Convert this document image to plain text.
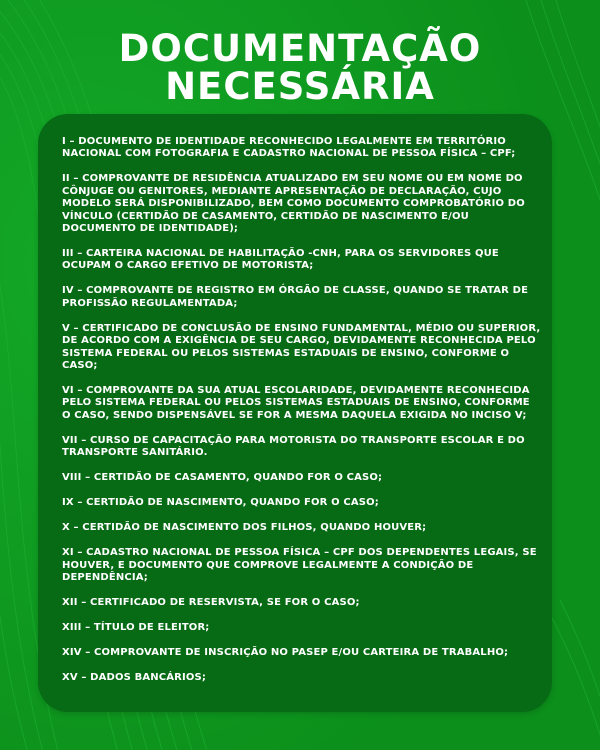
DOCUMENTAÇÃO
NECESSÁRIA
I – DOCUMENTO DE IDENTIDADE RECONHECIDO LEGALMENTE EM TERRITÓRIO NACIONAL COM FOTOGRAFIA E CADASTRO NACIONAL DE PESSOA FÍSICA – CPF;
II – COMPROVANTE DE RESIDÊNCIA ATUALIZADO EM SEU NOME OU EM NOME DO CÔNJUGE OU GENITORES, MEDIANTE APRESENTAÇÃO DE DECLARAÇÃO, CUJO MODELO SERÁ DISPONIBILIZADO, BEM COMO DOCUMENTO COMPROBATÓRIO DO VÍNCULO (CERTIDÃO DE CASAMENTO, CERTIDÃO DE NASCIMENTO E/OU DOCUMENTO DE IDENTIDADE);
III – CARTEIRA NACIONAL DE HABILITAÇÃO -CNH, PARA OS SERVIDORES QUE OCUPAM O CARGO EFETIVO DE MOTORISTA;
IV – COMPROVANTE DE REGISTRO EM ÓRGÃO DE CLASSE, QUANDO SE TRATAR DE PROFISSÃO REGULAMENTADA;
V – CERTIFICADO DE CONCLUSÃO DE ENSINO FUNDAMENTAL, MÉDIO OU SUPERIOR, DE ACORDO COM A EXIGÊNCIA DE SEU CARGO, DEVIDAMENTE RECONHECIDA PELO SISTEMA FEDERAL OU PELOS SISTEMAS ESTADUAIS DE ENSINO, CONFORME O CASO;
VI – COMPROVANTE DA SUA ATUAL ESCOLARIDADE, DEVIDAMENTE RECONHECIDA PELO SISTEMA FEDERAL OU PELOS SISTEMAS ESTADUAIS DE ENSINO, CONFORME O CASO, SENDO DISPENSÁVEL SE FOR A MESMA DAQUELA EXIGIDA NO INCISO V;
VII – CURSO DE CAPACITAÇÃO PARA MOTORISTA DO TRANSPORTE ESCOLAR E DO TRANSPORTE SANITÁRIO.
VIII – CERTIDÃO DE CASAMENTO, QUANDO FOR O CASO;
IX – CERTIDÃO DE NASCIMENTO, QUANDO FOR O CASO;
X – CERTIDÃO DE NASCIMENTO DOS FILHOS, QUANDO HOUVER;
XI – CADASTRO NACIONAL DE PESSOA FÍSICA – CPF DOS DEPENDENTES LEGAIS, SE HOUVER, E DOCUMENTO QUE COMPROVE LEGALMENTE A CONDIÇÃO DE DEPENDÊNCIA;
XII – CERTIFICADO DE RESERVISTA, SE FOR O CASO;
XIII – TÍTULO DE ELEITOR;
XIV – COMPROVANTE DE INSCRIÇÃO NO PASEP E/OU CARTEIRA DE TRABALHO;
XV – DADOS BANCÁRIOS;
